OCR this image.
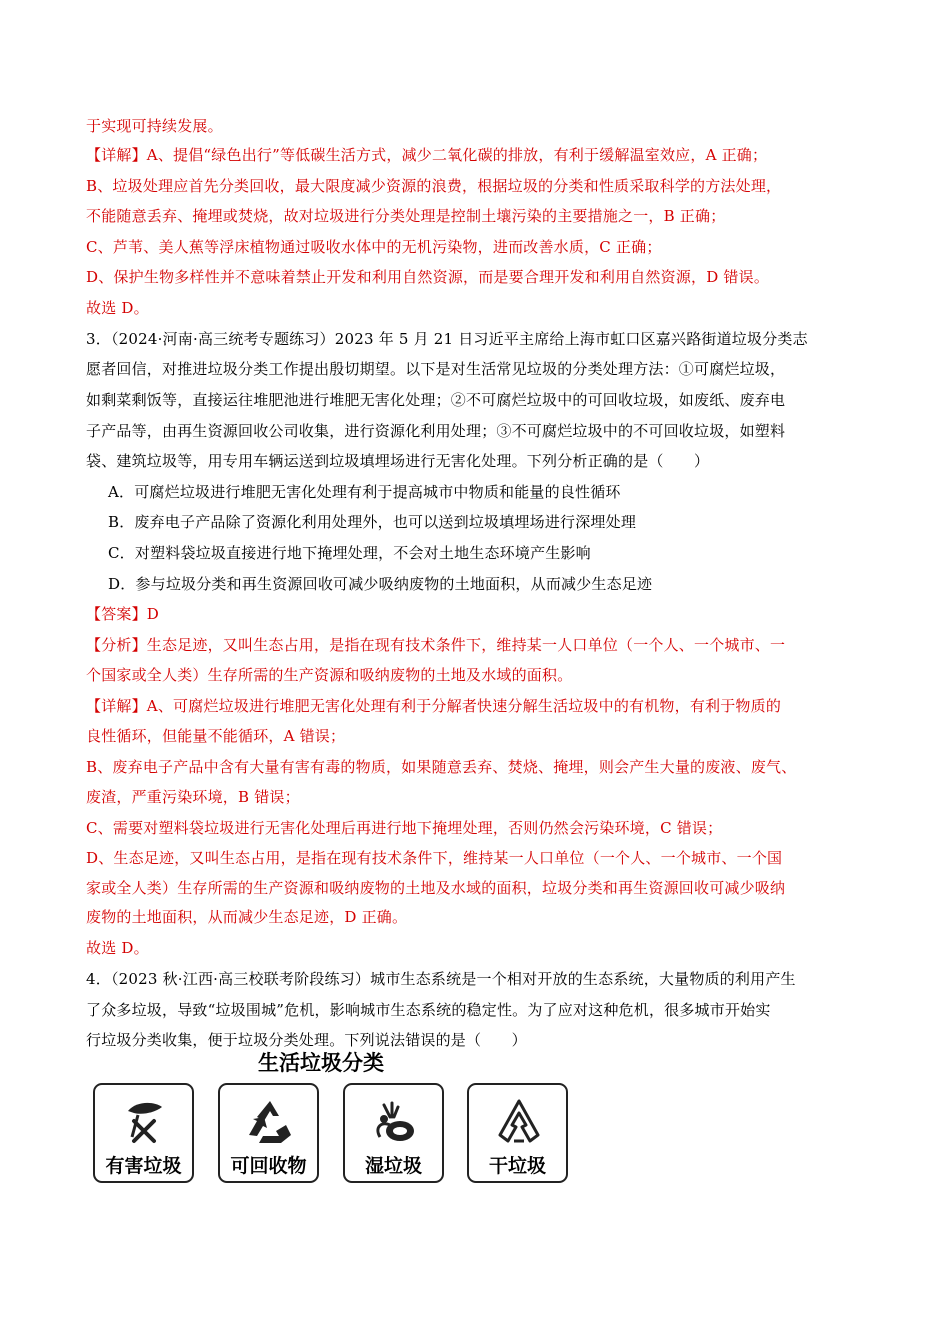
于实现可持续发展。
【详解】A、提倡“绿色出行”等低碳生活方式，减少二氧化碳的排放，有利于缓解温室效应，A 正确；
B、垃圾处理应首先分类回收，最大限度减少资源的浪费，根据垃圾的分类和性质采取科学的方法处理，
不能随意丢弃、掩埋或焚烧，故对垃圾进行分类处理是控制土壤污染的主要措施之一，B 正确；
C、芦苇、美人蕉等浮床植物通过吸收水体中的无机污染物，进而改善水质，C 正确；
D、保护生物多样性并不意味着禁止开发和利用自然资源，而是要合理开发和利用自然资源，D 错误。
故选 D。
3．（2024·河南·高三统考专题练习）2023 年 5 月 21 日习近平主席给上海市虹口区嘉兴路街道垃圾分类志
愿者回信，对推进垃圾分类工作提出殷切期望。以下是对生活常见垃圾的分类处理方法：①可腐烂垃圾，
如剩菜剩饭等，直接运往堆肥池进行堆肥无害化处理；②不可腐烂垃圾中的可回收垃圾，如废纸、废弃电
子产品等，由再生资源回收公司收集，进行资源化利用处理；③不可腐烂垃圾中的不可回收垃圾，如塑料
袋、建筑垃圾等，用专用车辆运送到垃圾填埋场进行无害化处理。下列分析正确的是（　　）
A．可腐烂垃圾进行堆肥无害化处理有利于提高城市中物质和能量的良性循环
B．废弃电子产品除了资源化利用处理外，也可以送到垃圾填埋场进行深埋处理
C．对塑料袋垃圾直接进行地下掩埋处理，不会对土地生态环境产生影响
D．参与垃圾分类和再生资源回收可减少吸纳废物的土地面积，从而减少生态足迹
【答案】D
【分析】生态足迹，又叫生态占用，是指在现有技术条件下，维持某一人口单位（一个人、一个城市、一
个国家或全人类）生存所需的生产资源和吸纳废物的土地及水域的面积。
【详解】A、可腐烂垃圾进行堆肥无害化处理有利于分解者快速分解生活垃圾中的有机物，有利于物质的
良性循环，但能量不能循环，A 错误；
B、废弃电子产品中含有大量有害有毒的物质，如果随意丢弃、焚烧、掩埋，则会产生大量的废液、废气、
废渣，严重污染环境，B 错误；
C、需要对塑料袋垃圾进行无害化处理后再进行地下掩埋处理，否则仍然会污染环境，C 错误；
D、生态足迹，又叫生态占用，是指在现有技术条件下，维持某一人口单位（一个人、一个城市、一个国
家或全人类）生存所需的生产资源和吸纳废物的土地及水域的面积，垃圾分类和再生资源回收可减少吸纳
废物的土地面积，从而减少生态足迹，D 正确。
故选 D。
4．（2023 秋·江西·高三校联考阶段练习）城市生态系统是一个相对开放的生态系统，大量物质的利用产生
了众多垃圾，导致“垃圾围城”危机，影响城市生态系统的稳定性。为了应对这种危机，很多城市开始实
行垃圾分类收集，便于垃圾分类处理。下列说法错误的是（　　）
生活垃圾分类
有害垃圾	可回收物	湿垃圾	干垃圾
